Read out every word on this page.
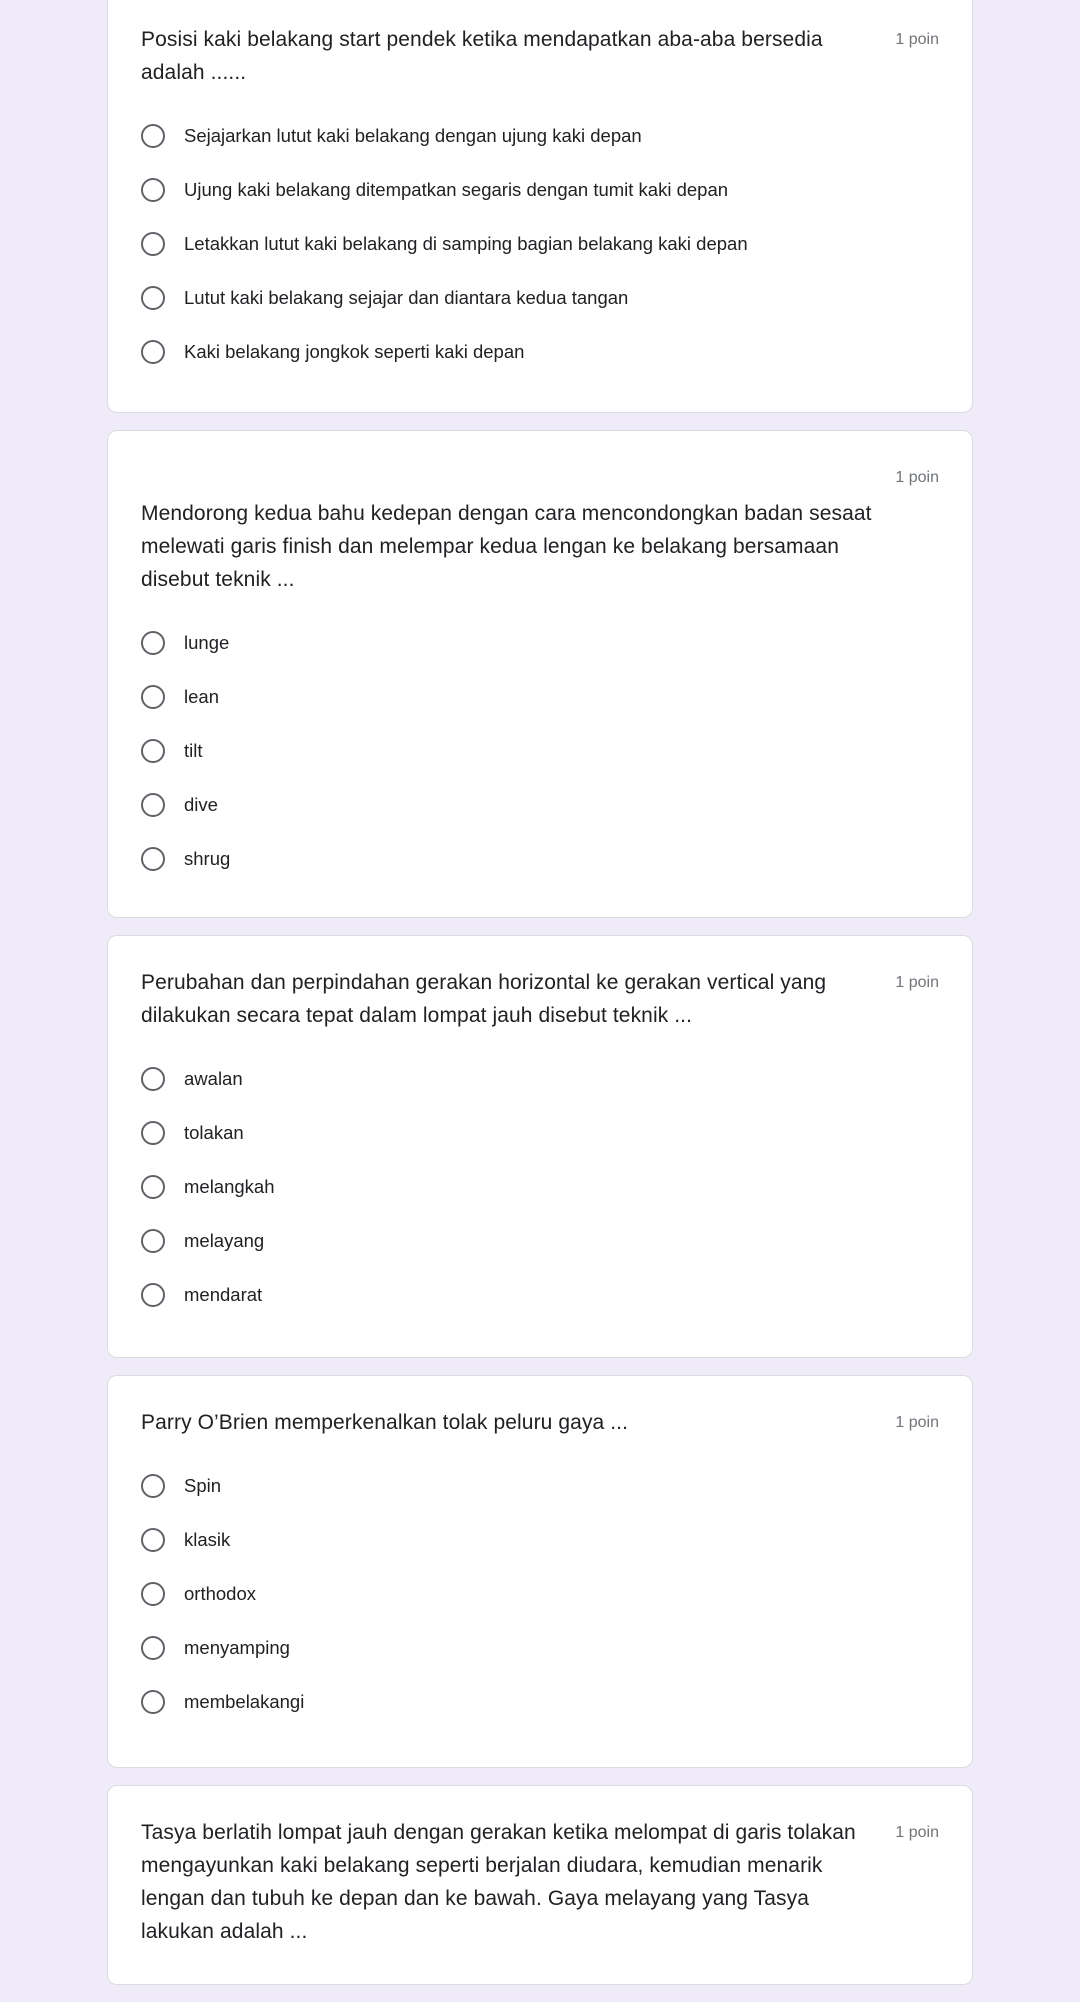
Posisi kaki belakang start pendek ketika mendapatkan aba-aba bersedia adalah ......
1 poin
Sejajarkan lutut kaki belakang dengan ujung kaki depan
Ujung kaki belakang ditempatkan segaris dengan tumit kaki depan
Letakkan lutut kaki belakang di samping bagian belakang kaki depan
Lutut kaki belakang sejajar dan diantara kedua tangan
Kaki belakang jongkok seperti kaki depan
1 poin
Mendorong kedua bahu kedepan dengan cara mencondongkan badan sesaat melewati garis finish dan melempar kedua lengan ke belakang bersamaan disebut teknik ...
lunge
lean
tilt
dive
shrug
Perubahan dan perpindahan gerakan horizontal ke gerakan vertical yang dilakukan secara tepat dalam lompat jauh disebut teknik ...
1 poin
awalan
tolakan
melangkah
melayang
mendarat
Parry O’Brien memperkenalkan tolak peluru gaya ...	1 poin
Spin
klasik
orthodox
menyamping
membelakangi
Tasya berlatih lompat jauh dengan gerakan ketika melompat di garis tolakan mengayunkan kaki belakang seperti berjalan diudara, kemudian menarik lengan dan tubuh ke depan dan ke bawah. Gaya melayang yang Tasya lakukan adalah ...
1 poin
